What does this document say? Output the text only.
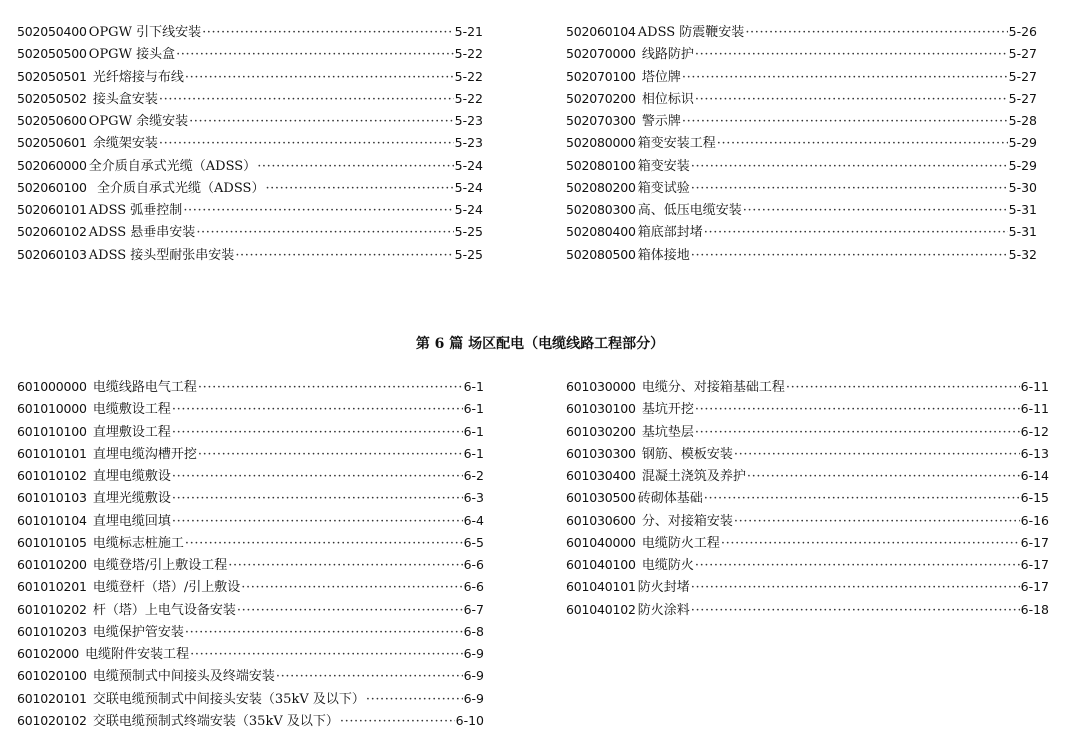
502050400 OPGW 引下线安装 ·····	5-21
502050500 OPGW 接头盒 ·····	5-22
502050501 光纤熔接与布线 ·····	5-22
502050502 接头盒安装 ·····	5-22
502050600 OPGW 余缆安装 ·····	5-23
502050601 余缆架安装 ·····	5-23
502060000 全介质自承式光缆（ADSS） ·····	5-24
502060100 全介质自承式光缆（ADSS） ·····	5-24
502060101 ADSS 弧垂控制 ·····	5-24
502060102 ADSS 悬垂串安装 ·····	5-25
502060103 ADSS 接头型耐张串安装 ·····	5-25
502060104 ADSS 防震鞭安装 ·····	5-26
502070000 线路防护 ·····	5-27
502070100 塔位牌 ·····	5-27
502070200 相位标识 ·····	5-27
502070300 警示牌 ·····	5-28
502080000 箱变安装工程 ·····	5-29
502080100 箱变安装 ·····	5-29
502080200 箱变试验 ·····	5-30
502080300 高、低压电缆安装 ·····	5-31
502080400 箱底部封堵 ·····	5-31
502080500 箱体接地 ·····	5-32
第 6 篇 场区配电（电缆线路工程部分）
601000000 电缆线路电气工程 ·····	6-1
601010000 电缆敷设工程 ·····	6-1
601010100 直埋敷设工程 ·····	6-1
601010101 直埋电缆沟槽开挖 ·····	6-1
601010102 直埋电缆敷设 ·····	6-2
601010103 直埋光缆敷设 ·····	6-3
601010104 直埋电缆回填 ·····	6-4
601010105 电缆标志桩施工 ·····	6-5
601010200 电缆登塔/引上敷设工程 ·····	6-6
601010201 电缆登杆（塔）/引上敷设 ·····	6-6
601010202 杆（塔）上电气设备安装 ·····	6-7
601010203 电缆保护管安装 ·····	6-8
60102000 电缆附件安装工程 ·····	6-9
601020100 电缆预制式中间接头及终端安装 ·····	6-9
601020101 交联电缆预制式中间接头安装（35kV 及以下） ·····	6-9
601020102 交联电缆预制式终端安装（35kV 及以下） ·····	6-10
601030000 电缆分、对接箱基础工程 ·····	6-11
601030100 基坑开挖 ·····	6-11
601030200 基坑垫层 ·····	6-12
601030300 钢筋、模板安装 ·····	6-13
601030400 混凝土浇筑及养护 ·····	6-14
601030500 砖砌体基础 ·····	6-15
601030600 分、对接箱安装 ·····	6-16
601040000 电缆防火工程 ·····	6-17
601040100 电缆防火 ·····	6-17
601040101 防火封堵 ·····	6-17
601040102 防火涂料 ·····	6-18
